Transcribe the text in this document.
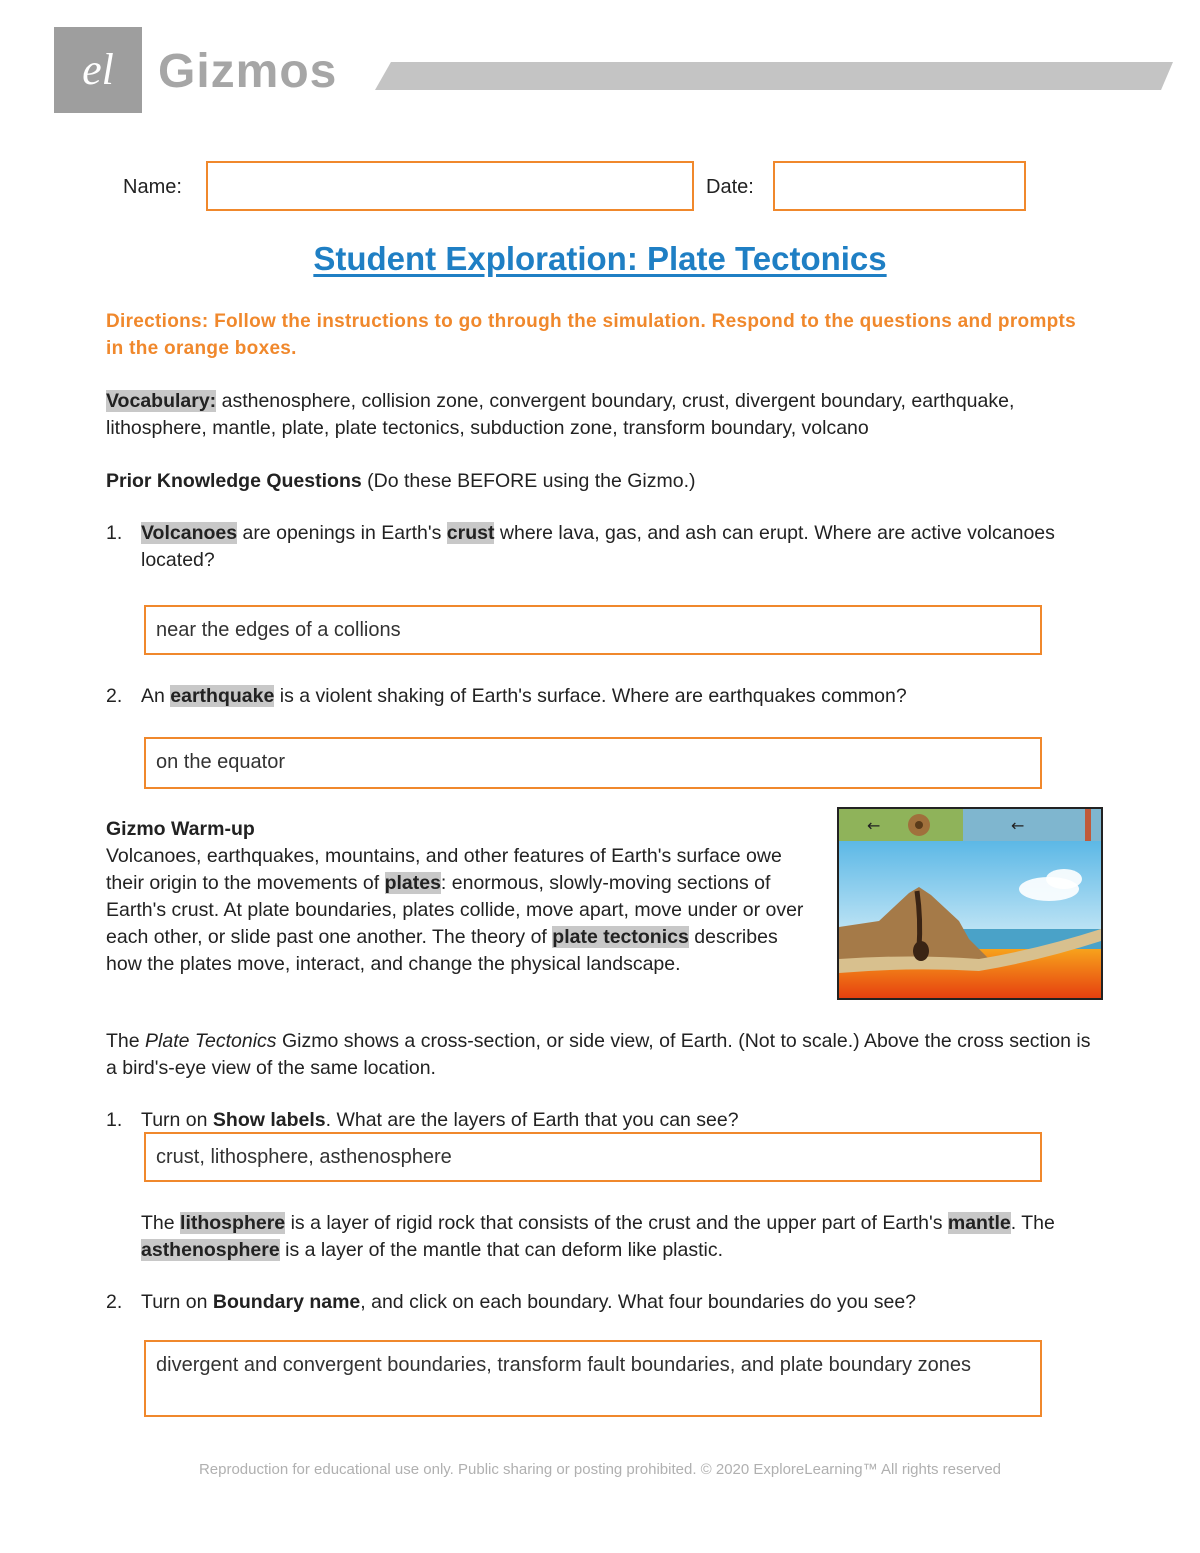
el Gizmos
Name:	Date:
Student Exploration: Plate Tectonics
Directions: Follow the instructions to go through the simulation. Respond to the questions and prompts in the orange boxes.
Vocabulary: asthenosphere, collision zone, convergent boundary, crust, divergent boundary, earthquake, lithosphere, mantle, plate, plate tectonics, subduction zone, transform boundary, volcano
Prior Knowledge Questions (Do these BEFORE using the Gizmo.)
1. Volcanoes are openings in Earth's crust where lava, gas, and ash can erupt. Where are active volcanoes located?
near the edges of a collions
2. An earthquake is a violent shaking of Earth's surface. Where are earthquakes common?
on the equator
Gizmo Warm-up
Volcanoes, earthquakes, mountains, and other features of Earth's surface owe their origin to the movements of plates: enormous, slowly-moving sections of Earth's crust. At plate boundaries, plates collide, move apart, move under or over each other, or slide past one another. The theory of plate tectonics describes how the plates move, interact, and change the physical landscape.
←	←
The Plate Tectonics Gizmo shows a cross-section, or side view, of Earth. (Not to scale.) Above the cross section is a bird's-eye view of the same location.
1. Turn on Show labels. What are the layers of Earth that you can see?
crust, lithosphere, asthenosphere
The lithosphere is a layer of rigid rock that consists of the crust and the upper part of Earth's mantle. The asthenosphere is a layer of the mantle that can deform like plastic.
2. Turn on Boundary name, and click on each boundary. What four boundaries do you see?
divergent and convergent boundaries, transform fault boundaries, and plate boundary zones
Reproduction for educational use only. Public sharing or posting prohibited. © 2020 ExploreLearning™ All rights reserved
